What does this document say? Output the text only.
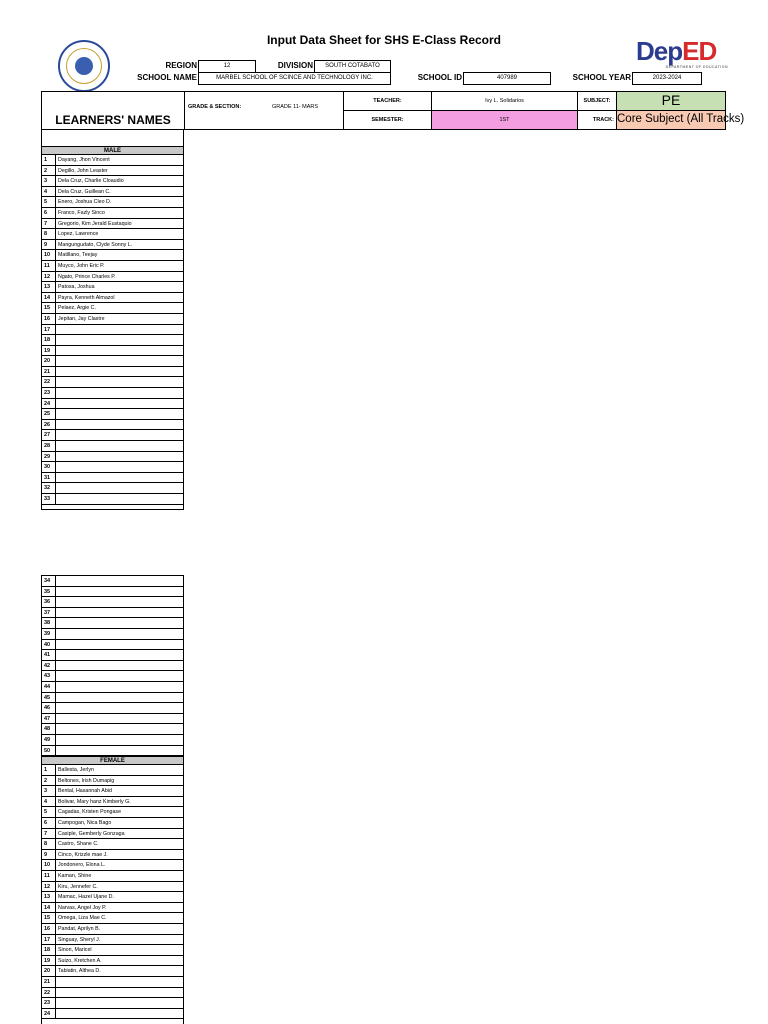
Input Data Sheet for SHS E-Class Record	DepED
DEPARTMENT OF EDUCATION
REGION	12	DIVISION	SOUTH COTABATO
SCHOOL NAME	MARBEL SCHOOL OF SCINCE AND TECHNOLOGY INC.	SCHOOL ID	407989	SCHOOL YEAR	2023-2024
LEARNERS' NAMES
GRADE & SECTION:	GRADE 11- MARS
TEACHER:	Ivy L. Solidarios
SEMESTER:	1ST
SUBJECT:	PE
TRACK: Core Subject (All Tracks)
MALE
1	Dayang, Jhon Vincent
2	Degillo, John Leaster
3	Dela Cruz, Charlie Cloaudio
4	Dela Cruz, Guillean C.
5	Enero, Joshua Cleo D.
6	Franco, Fazly Sinco
7	Gregorio, Kim Jerald Eustaquio
8	Lopez, Lawrence
9	Mangungudato, Clyde Sonny L.
10	Matillano, Teejay
11	Muyco, John Eric P.
12	Ngato, Prince Charles P.
13	Patosa, Joshua
14	Payra, Kenneth Almazol
15	Pelaez, Argie C.
16	Jepitan, Jay Clastre
17
18
19
20
21
22
23
24
25
26
27
28
29
30
31
32
33
34
35
36
37
38
39
40
41
42
43
44
45
46
47
48
49
50
FEMALE
1	Ballesta, Jerlyn
2	Beltones, Irish Dumapig
3	Bental, Hasannah Abid
4	Bolivar, Mary hanz Kimberly G.
5	Cagadas, Kristen Pongase
6	Campogan, Nica Bago
7	Casiple, Gemberly Gonzaga
8	Castro, Shane C.
9	Cinco, Krizzle mae J.
10	Jondonero, Elona L.
11	Kaman, Shine
12	Kiru, Jennefer C.
13	Mamac, Hazel Ujane D.
14	Narvas, Angel Joy P.
15	Omega, Liza Mae C.
16	Pandat, Aprilyn B.
17	Singuay, Sheryl J.
18	Sinon, Maricel
19	Suizo, Kretchen A.
20	Tabiatin, Althea D.
21
22
23
24
